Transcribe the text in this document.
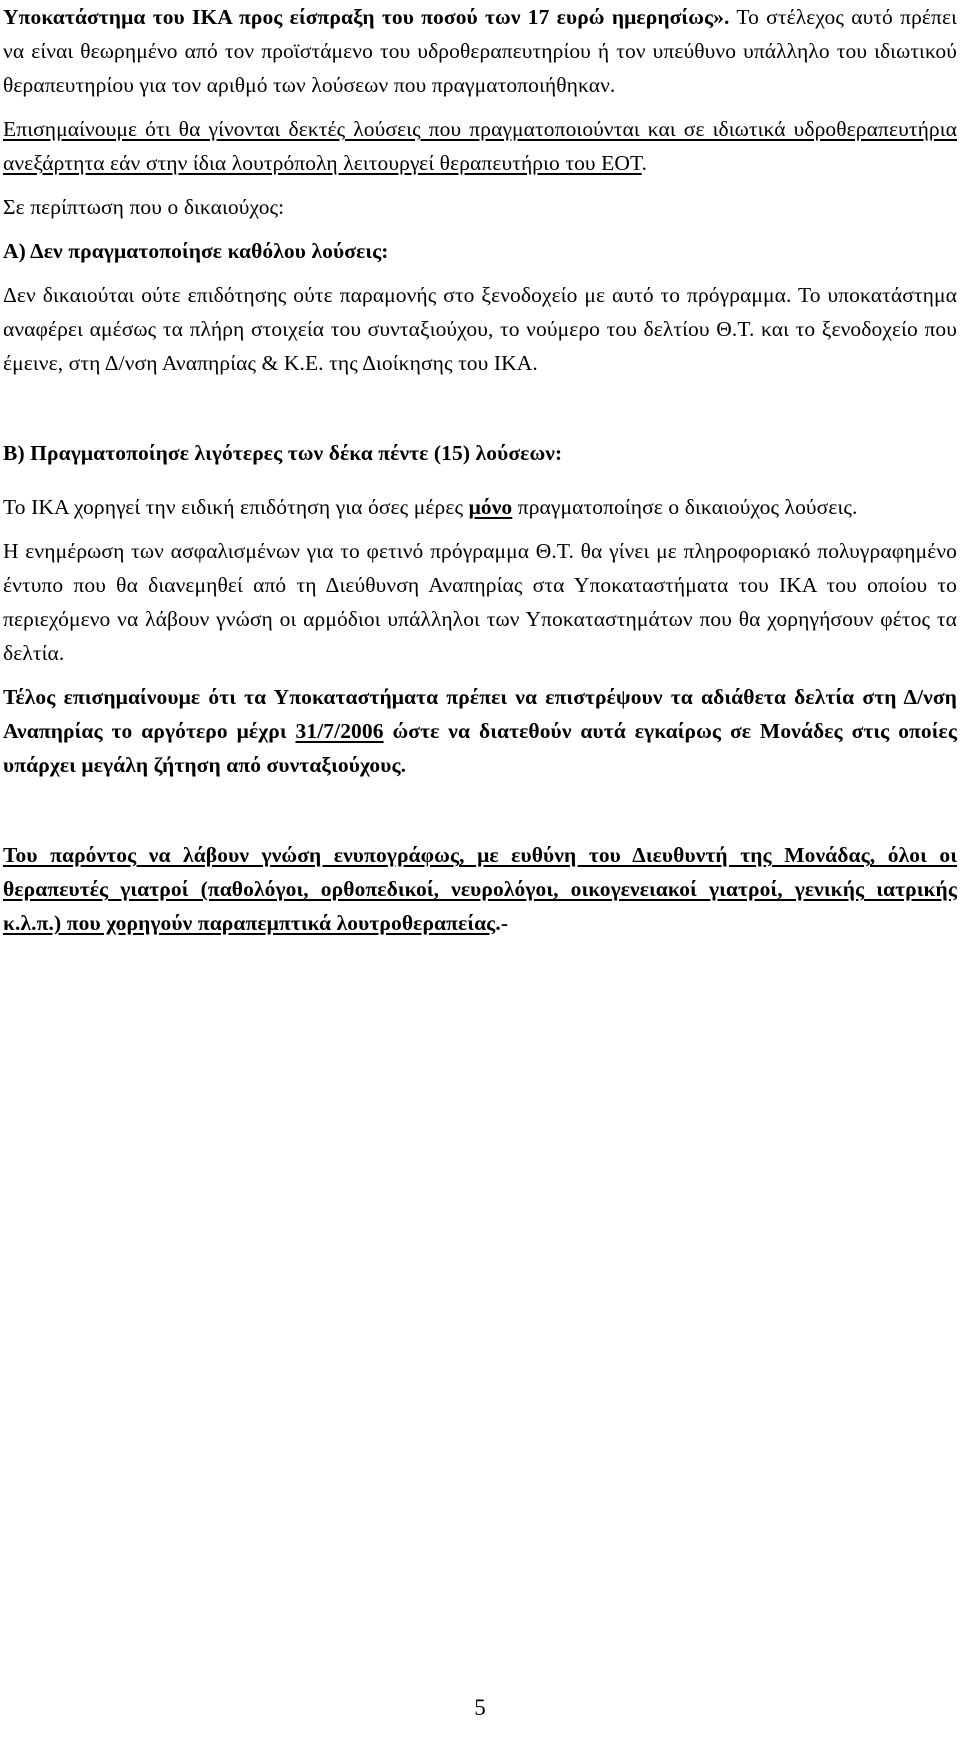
Υποκατάστημα του ΙΚΑ προς είσπραξη του ποσού των 17 ευρώ ημερησίως». Το στέλεχος αυτό πρέπει να είναι θεωρημένο από τον προϊστάμενο του υδροθεραπευτηρίου ή τον υπεύθυνο υπάλληλο του ιδιωτικού θεραπευτηρίου για τον αριθμό των λούσεων που πραγματοποιήθηκαν.

Επισημαίνουμε ότι θα γίνονται δεκτές λούσεις που πραγματοποιούνται και σε ιδιωτικά υδροθεραπευτήρια ανεξάρτητα εάν στην ίδια λουτρόπολη λειτουργεί θεραπευτήριο του ΕΟΤ.

Σε περίπτωση που ο δικαιούχος:

Α) Δεν πραγματοποίησε καθόλου λούσεις:

Δεν δικαιούται ούτε επιδότησης ούτε παραμονής στο ξενοδοχείο με αυτό το πρόγραμμα. Το υποκατάστημα αναφέρει αμέσως τα πλήρη στοιχεία του συνταξιούχου, το νούμερο του δελτίου Θ.Τ. και το ξενοδοχείο που έμεινε, στη Δ/νση Αναπηρίας & Κ.Ε. της Διοίκησης του ΙΚΑ.

Β) Πραγματοποίησε λιγότερες των δέκα πέντε (15) λούσεων:

Το ΙΚΑ χορηγεί την ειδική επιδότηση για όσες μέρες μόνο πραγματοποίησε ο δικαιούχος λούσεις.

Η ενημέρωση των ασφαλισμένων για το φετινό πρόγραμμα Θ.Τ. θα γίνει με πληροφοριακό πολυγραφημένο έντυπο που θα διανεμηθεί από τη Διεύθυνση Αναπηρίας στα Υποκαταστήματα του ΙΚΑ του οποίου το περιεχόμενο να λάβουν γνώση οι αρμόδιοι υπάλληλοι των Υποκαταστημάτων που θα χορηγήσουν φέτος τα δελτία.

Τέλος επισημαίνουμε ότι τα Υποκαταστήματα πρέπει να επιστρέψουν τα αδιάθετα δελτία στη Δ/νση Αναπηρίας το αργότερο μέχρι 31/7/2006 ώστε να διατεθούν αυτά εγκαίρως σε Μονάδες στις οποίες υπάρχει μεγάλη ζήτηση από συνταξιούχους.

Του παρόντος να λάβουν γνώση ενυπογράφως, με ευθύνη του Διευθυντή της Μονάδας, όλοι οι θεραπευτές γιατροί (παθολόγοι, ορθοπεδικοί, νευρολόγοι, οικογενειακοί γιατροί, γενικής ιατρικής κ.λ.π.) που χορηγούν παραπεμπτικά λουτροθεραπείας.-

5
